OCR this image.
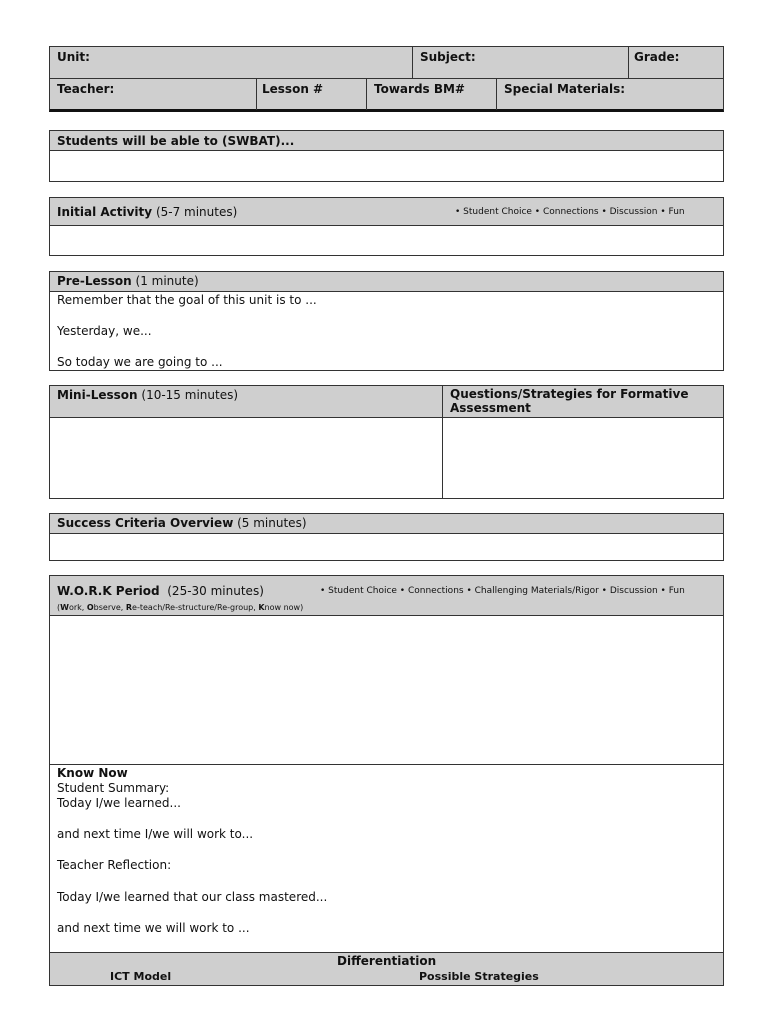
Unit:	Subject:	Grade:
Teacher:	Lesson #	Towards BM#	Special Materials:
Students will be able to (SWBAT)...
Initial Activity (5-7 minutes)	• Student Choice • Connections • Discussion • Fun
Pre-Lesson (1 minute)
Remember that the goal of this unit is to ...
Yesterday, we...
So today we are going to ...
Mini-Lesson (10-15 minutes)	Questions/Strategies for Formative Assessment
Success Criteria Overview (5 minutes)
W.O.R.K Period (25-30 minutes)	• Student Choice • Connections • Challenging Materials/Rigor • Discussion • Fun
(Work, Observe, Re-teach/Re-structure/Re-group, Know now)
Know Now
Student Summary:
Today I/we learned...
and next time I/we will work to...
Teacher Reflection:
Today I/we learned that our class mastered...
and next time we will work to ...
Differentiation
ICT Model	Possible Strategies
